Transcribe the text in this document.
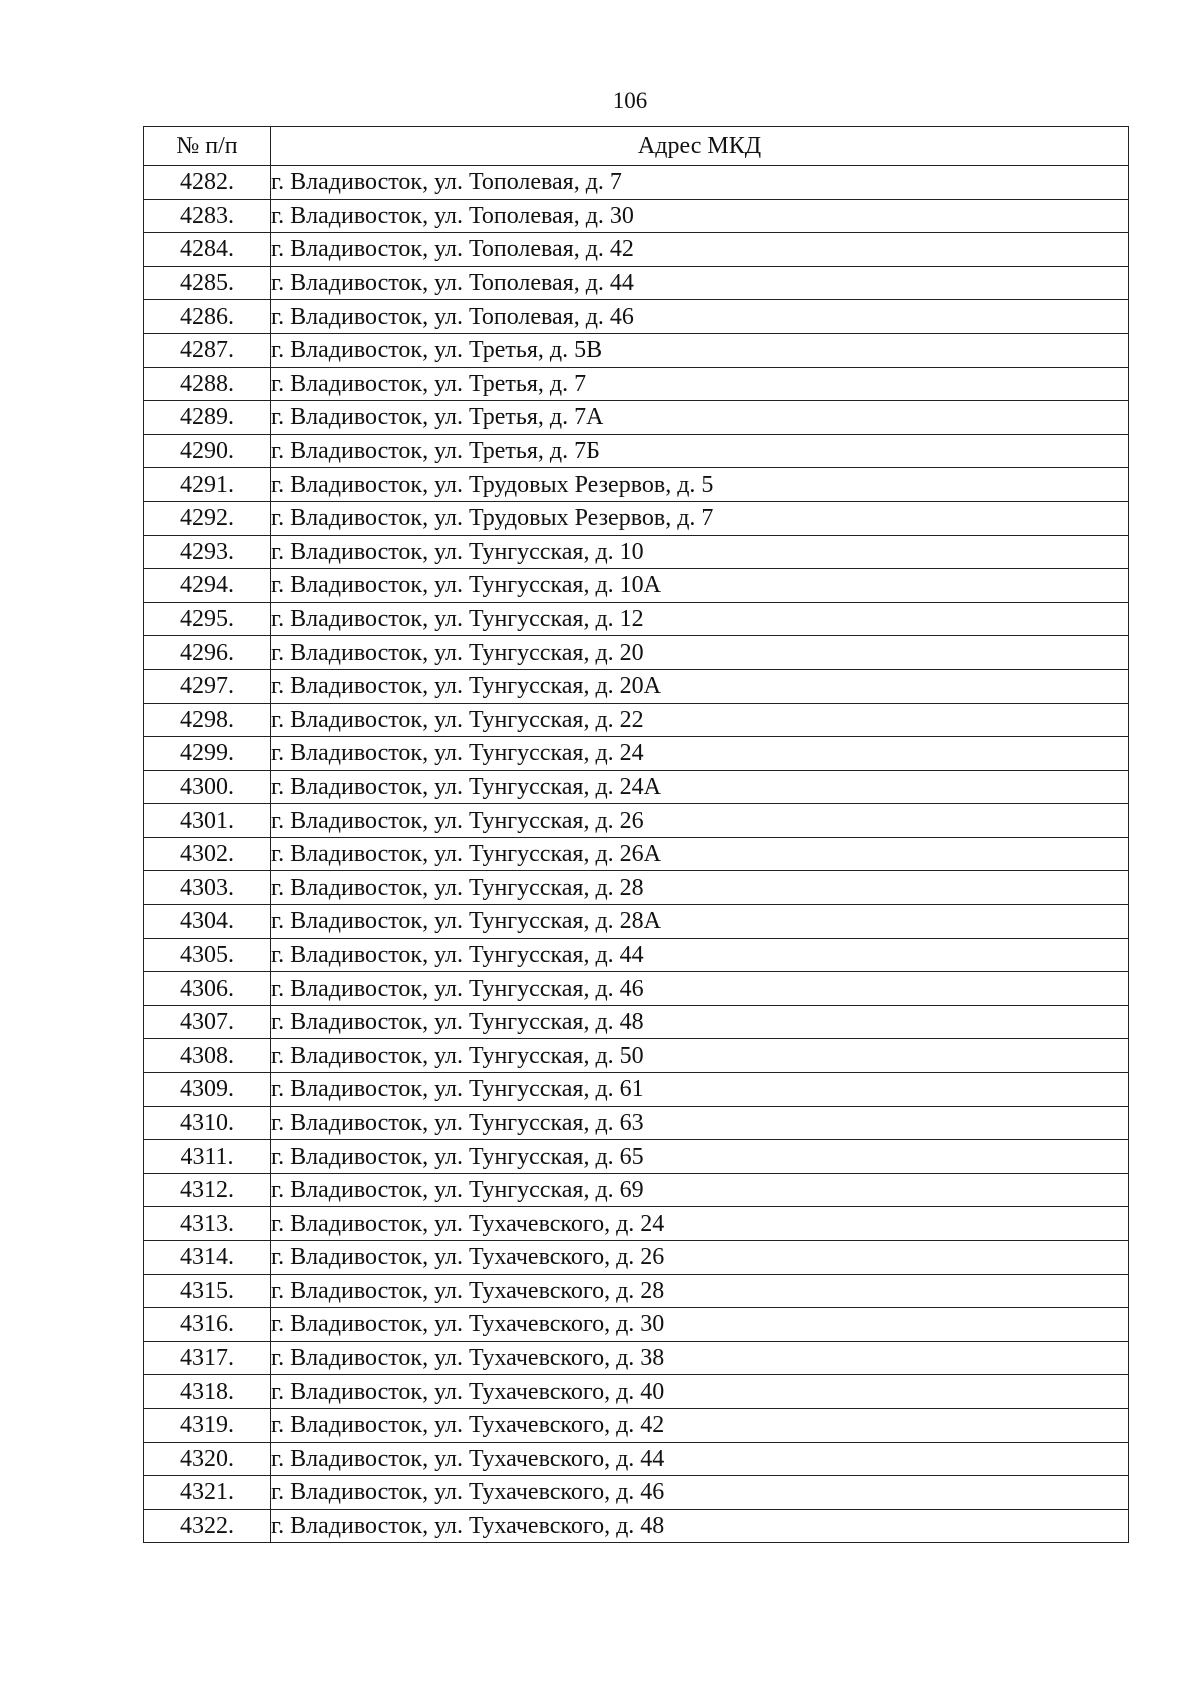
106
№ п/п	Адрес МКД
4282.	г. Владивосток, ул. Тополевая, д. 7
4283.	г. Владивосток, ул. Тополевая, д. 30
4284.	г. Владивосток, ул. Тополевая, д. 42
4285.	г. Владивосток, ул. Тополевая, д. 44
4286.	г. Владивосток, ул. Тополевая, д. 46
4287.	г. Владивосток, ул. Третья, д. 5В
4288.	г. Владивосток, ул. Третья, д. 7
4289.	г. Владивосток, ул. Третья, д. 7А
4290.	г. Владивосток, ул. Третья, д. 7Б
4291.	г. Владивосток, ул. Трудовых Резервов, д. 5
4292.	г. Владивосток, ул. Трудовых Резервов, д. 7
4293.	г. Владивосток, ул. Тунгусская, д. 10
4294.	г. Владивосток, ул. Тунгусская, д. 10А
4295.	г. Владивосток, ул. Тунгусская, д. 12
4296.	г. Владивосток, ул. Тунгусская, д. 20
4297.	г. Владивосток, ул. Тунгусская, д. 20А
4298.	г. Владивосток, ул. Тунгусская, д. 22
4299.	г. Владивосток, ул. Тунгусская, д. 24
4300.	г. Владивосток, ул. Тунгусская, д. 24А
4301.	г. Владивосток, ул. Тунгусская, д. 26
4302.	г. Владивосток, ул. Тунгусская, д. 26А
4303.	г. Владивосток, ул. Тунгусская, д. 28
4304.	г. Владивосток, ул. Тунгусская, д. 28А
4305.	г. Владивосток, ул. Тунгусская, д. 44
4306.	г. Владивосток, ул. Тунгусская, д. 46
4307.	г. Владивосток, ул. Тунгусская, д. 48
4308.	г. Владивосток, ул. Тунгусская, д. 50
4309.	г. Владивосток, ул. Тунгусская, д. 61
4310.	г. Владивосток, ул. Тунгусская, д. 63
4311.	г. Владивосток, ул. Тунгусская, д. 65
4312.	г. Владивосток, ул. Тунгусская, д. 69
4313.	г. Владивосток, ул. Тухачевского, д. 24
4314.	г. Владивосток, ул. Тухачевского, д. 26
4315.	г. Владивосток, ул. Тухачевского, д. 28
4316.	г. Владивосток, ул. Тухачевского, д. 30
4317.	г. Владивосток, ул. Тухачевского, д. 38
4318.	г. Владивосток, ул. Тухачевского, д. 40
4319.	г. Владивосток, ул. Тухачевского, д. 42
4320.	г. Владивосток, ул. Тухачевского, д. 44
4321.	г. Владивосток, ул. Тухачевского, д. 46
4322.	г. Владивосток, ул. Тухачевского, д. 48
